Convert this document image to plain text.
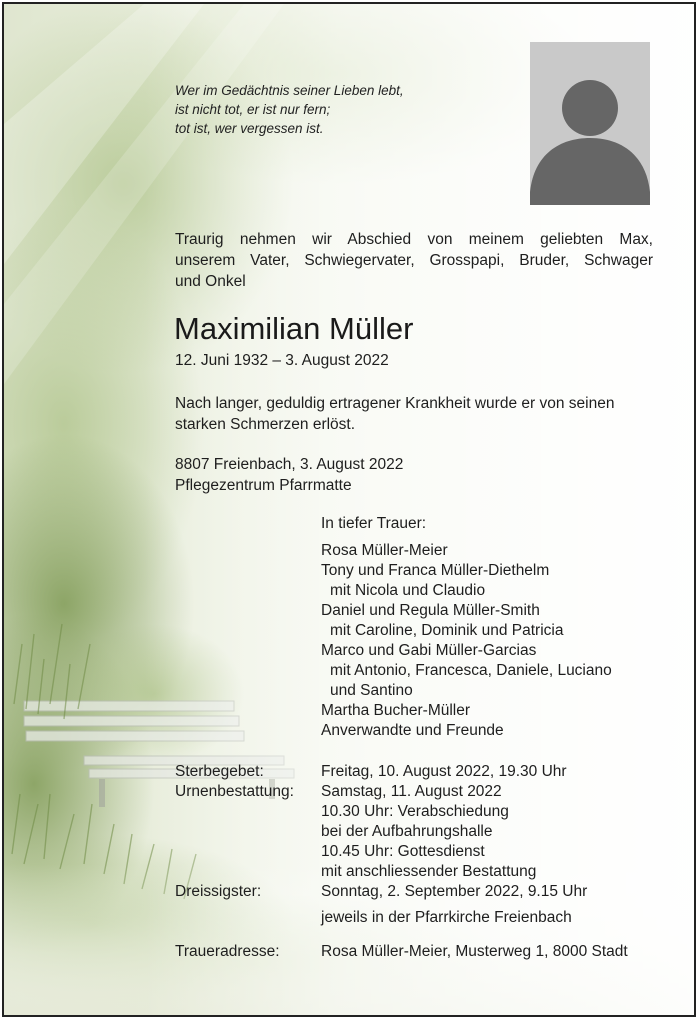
Wer im Gedächtnis seiner Lieben lebt,
ist nicht tot, er ist nur fern;
tot ist, wer vergessen ist.
Traurig nehmen wir Abschied von meinem geliebten Max,
unserem Vater, Schwiegervater, Grosspapi, Bruder, Schwager
und Onkel
Maximilian Müller
12. Juni 1932 – 3. August 2022
Nach langer, geduldig ertragener Krankheit wurde er von seinen
starken Schmerzen erlöst.
8807 Freienbach, 3. August 2022
Pflegezentrum Pfarrmatte
In tiefer Trauer:
Rosa Müller-Meier
Tony und Franca Müller-Diethelm
mit Nicola und Claudio
Daniel und Regula Müller-Smith
mit Caroline, Dominik und Patricia
Marco und Gabi Müller-Garcias
mit Antonio, Francesca, Daniele, Luciano
und Santino
Martha Bucher-Müller
Anverwandte und Freunde
Sterbegebet:	Freitag, 10. August 2022, 19.30 Uhr
Urnenbestattung:	Samstag, 11. August 2022
10.30 Uhr: Verabschiedung
bei der Aufbahrungshalle
10.45 Uhr: Gottesdienst
mit anschliessender Bestattung
Dreissigster:	Sonntag, 2. September 2022, 9.15 Uhr
jeweils in der Pfarrkirche Freienbach
Traueradresse:	Rosa Müller-Meier, Musterweg 1, 8000 Stadt
